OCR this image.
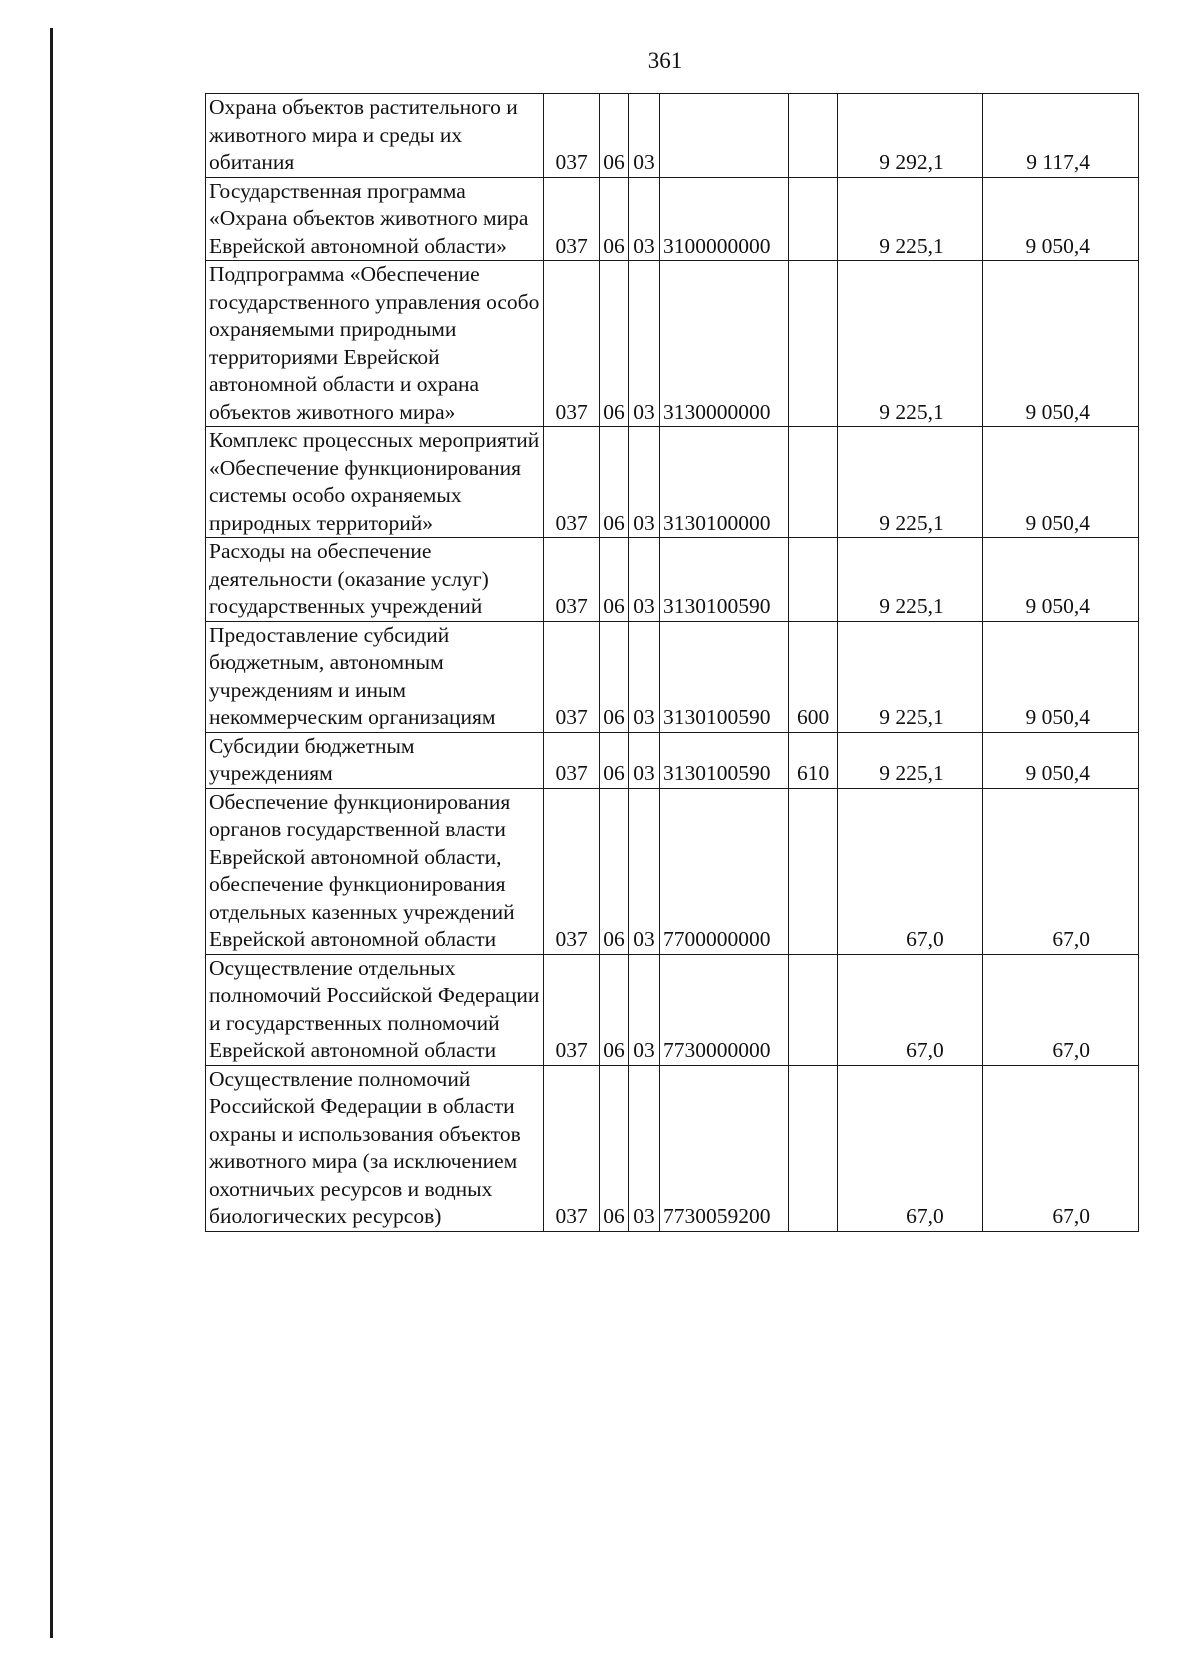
361
Охрана объектов растительного и животного мира и среды их обитания	037	06	03			9 292,1	9 117,4
Государственная программа «Охрана объектов животного мира Еврейской автономной области»	037	06	03	3100000000		9 225,1	9 050,4
Подпрограмма «Обеспечение государственного управления особо охраняемыми природными территориями Еврейской автономной области и охрана объектов животного мира»	037	06	03	3130000000		9 225,1	9 050,4
Комплекс процессных мероприятий «Обеспечение функционирования системы особо охраняемых природных территорий»	037	06	03	3130100000		9 225,1	9 050,4
Расходы на обеспечение деятельности (оказание услуг) государственных учреждений	037	06	03	3130100590		9 225,1	9 050,4
Предоставление субсидий бюджетным, автономным учреждениям и иным некоммерческим организациям	037	06	03	3130100590	600	9 225,1	9 050,4
Субсидии бюджетным учреждениям	037	06	03	3130100590	610	9 225,1	9 050,4
Обеспечение функционирования органов государственной власти Еврейской автономной области, обеспечение функционирования отдельных казенных учреждений Еврейской автономной области	037	06	03	7700000000		67,0	67,0
Осуществление отдельных полномочий Российской Федерации и государственных полномочий Еврейской автономной области	037	06	03	7730000000		67,0	67,0
Осуществление полномочий Российской Федерации в области охраны и использования объектов животного мира (за исключением охотничьих ресурсов и водных биологических ресурсов)	037	06	03	7730059200		67,0	67,0
